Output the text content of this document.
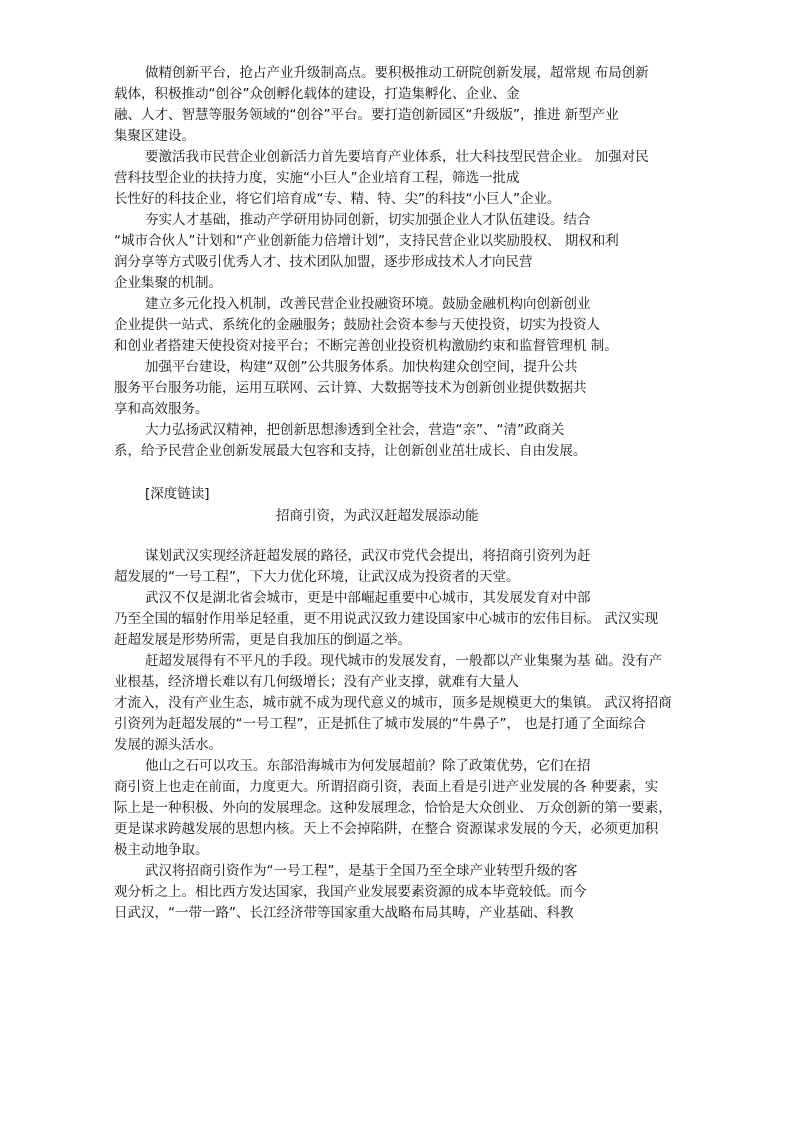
做精创新平台，抢占产业升级制高点。要积极推动工研院创新发展，超常规 布局创新
载体，积极推动“创谷”众创孵化载体的建设，打造集孵化、企业、金
融、人才、智慧等服务领域的“创谷”平台。要打造创新园区“升级版”，推进 新型产业
集聚区建设。
要激活我市民营企业创新活力首先要培育产业体系，壮大科技型民营企业。 加强对民
营科技型企业的扶持力度，实施“小巨人”企业培育工程，筛选一批成
长性好的科技企业，将它们培育成“专、精、特、尖”的科技“小巨人”企业。
夯实人才基础，推动产学研用协同创新，切实加强企业人才队伍建设。结合
“城市合伙人”计划和“产业创新能力倍增计划”，支持民营企业以奖励股权、 期权和利
润分享等方式吸引优秀人才、技术团队加盟，逐步形成技术人才向民营
企业集聚的机制。
建立多元化投入机制，改善民营企业投融资环境。鼓励金融机构向创新创业
企业提供一站式、系统化的金融服务；鼓励社会资本参与天使投资，切实为投资人
和创业者搭建天使投资对接平台；不断完善创业投资机构激励约束和监督管理机 制。
加强平台建设，构建“双创”公共服务体系。加快构建众创空间，提升公共
服务平台服务功能，运用互联网、云计算、大数据等技术为创新创业提供数据共
享和高效服务。
大力弘扬武汉精神，把创新思想渗透到全社会，营造“亲”、“清”政商关
系，给予民营企业创新发展最大包容和支持，让创新创业茁壮成长、自由发展。
[深度链读]
招商引资，为武汉赶超发展添动能
谋划武汉实现经济赶超发展的路径，武汉市党代会提出，将招商引资列为赶
超发展的“一号工程”，下大力优化环境，让武汉成为投资者的天堂。
武汉不仅是湖北省会城市，更是中部崛起重要中心城市，其发展发育对中部
乃至全国的辐射作用举足轻重，更不用说武汉致力建设国家中心城市的宏伟目标。 武汉实现
赶超发展是形势所需，更是自我加压的倒逼之举。
赶超发展得有不平凡的手段。现代城市的发展发育，一般都以产业集聚为基 础。没有产
业根基，经济增长难以有几何级增长；没有产业支撑，就难有大量人
才流入，没有产业生态，城市就不成为现代意义的城市，顶多是规模更大的集镇。 武汉将招商
引资列为赶超发展的“一号工程”，正是抓住了城市发展的“牛鼻子”， 也是打通了全面综合
发展的源头活水。
他山之石可以攻玉。东部沿海城市为何发展超前？除了政策优势，它们在招
商引资上也走在前面，力度更大。所谓招商引资，表面上看是引进产业发展的各 种要素，实
际上是一种积极、外向的发展理念。这种发展理念，恰恰是大众创业、 万众创新的第一要素，
更是谋求跨越发展的思想内核。天上不会掉陷阱，在整合 资源谋求发展的今天，必须更加积
极主动地争取。
武汉将招商引资作为“一号工程”，是基于全国乃至全球产业转型升级的客
观分析之上。相比西方发达国家，我国产业发展要素资源的成本毕竟较低。而今
日武汉，“一带一路”、长江经济带等国家重大战略布局其畴，产业基础、科教
